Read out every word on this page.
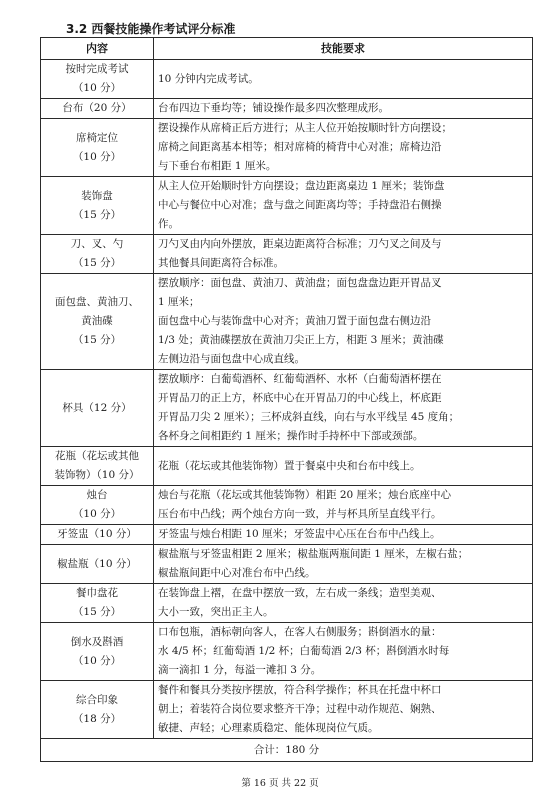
3.2 西餐技能操作考试评分标准
内容	技能要求

按时完成考试
（10 分）	10 分钟内完成考试。

台布（20 分）	台布四边下垂均等；铺设操作最多四次整理成形。

席椅定位
（10 分）	摆设操作从席椅正后方进行；从主人位开始按顺时针方向摆设；
席椅之间距离基本相等；相对席椅的椅背中心对准；席椅边沿
与下垂台布相距 1 厘米。

装饰盘
（15 分）	从主人位开始顺时针方向摆设；盘边距离桌边 1 厘米；装饰盘
中心与餐位中心对准；盘与盘之间距离均等；手持盘沿右侧操
作。

刀、叉、勺
（15 分）	刀勺叉由内向外摆放，距桌边距离符合标准；刀勺叉之间及与
其他餐具间距离符合标准。

面包盘、黄油刀、
黄油碟
（15 分）	摆放顺序：面包盘、黄油刀、黄油盘；面包盘盘边距开胃品叉
1 厘米；
面包盘中心与装饰盘中心对齐；黄油刀置于面包盘右侧边沿
1/3 处；黄油碟摆放在黄油刀尖正上方，相距 3 厘米；黄油碟
左侧边沿与面包盘中心成直线。

杯具（12 分）	摆放顺序：白葡萄酒杯、红葡萄酒杯、水杯（白葡萄酒杯摆在
开胃品刀的正上方，杯底中心在开胃品刀的中心线上，杯底距
开胃品刀尖 2 厘米）；三杯成斜直线，向右与水平线呈 45 度角；
各杯身之间相距约 1 厘米；操作时手持杯中下部或颈部。

花瓶（花坛或其他
装饰物）（10 分）	花瓶（花坛或其他装饰物）置于餐桌中央和台布中线上。

烛台
（10 分）	烛台与花瓶（花坛或其他装饰物）相距 20 厘米；烛台底座中心
压台布中凸线；两个烛台方向一致，并与杯具所呈直线平行。

牙签盅（10 分）	牙签盅与烛台相距 10 厘米；牙签盅中心压在台布中凸线上。

椒盐瓶（10 分）	椒盐瓶与牙签盅相距 2 厘米；椒盐瓶两瓶间距 1 厘米，左椒右盐；
椒盐瓶间距中心对准台布中凸线。

餐巾盘花
（15 分）	在装饰盘上褶，在盘中摆放一致，左右成一条线；造型美观、
大小一致，突出正主人。

倒水及斟酒
（10 分）	口布包瓶，酒标朝向客人，在客人右侧服务；斟倒酒水的量：
水 4/5 杯；红葡萄酒 1/2 杯；白葡萄酒 2/3 杯；斟倒酒水时每
滴一滴扣 1 分，每溢一滩扣 3 分。

综合印象
（18 分）	餐件和餐具分类按序摆放，符合科学操作；杯具在托盘中杯口
朝上；着装符合岗位要求整齐干净；过程中动作规范、娴熟、
敏捷、声轻；心理素质稳定、能体现岗位气质。

合计：180 分	
第 16 页 共 22 页
